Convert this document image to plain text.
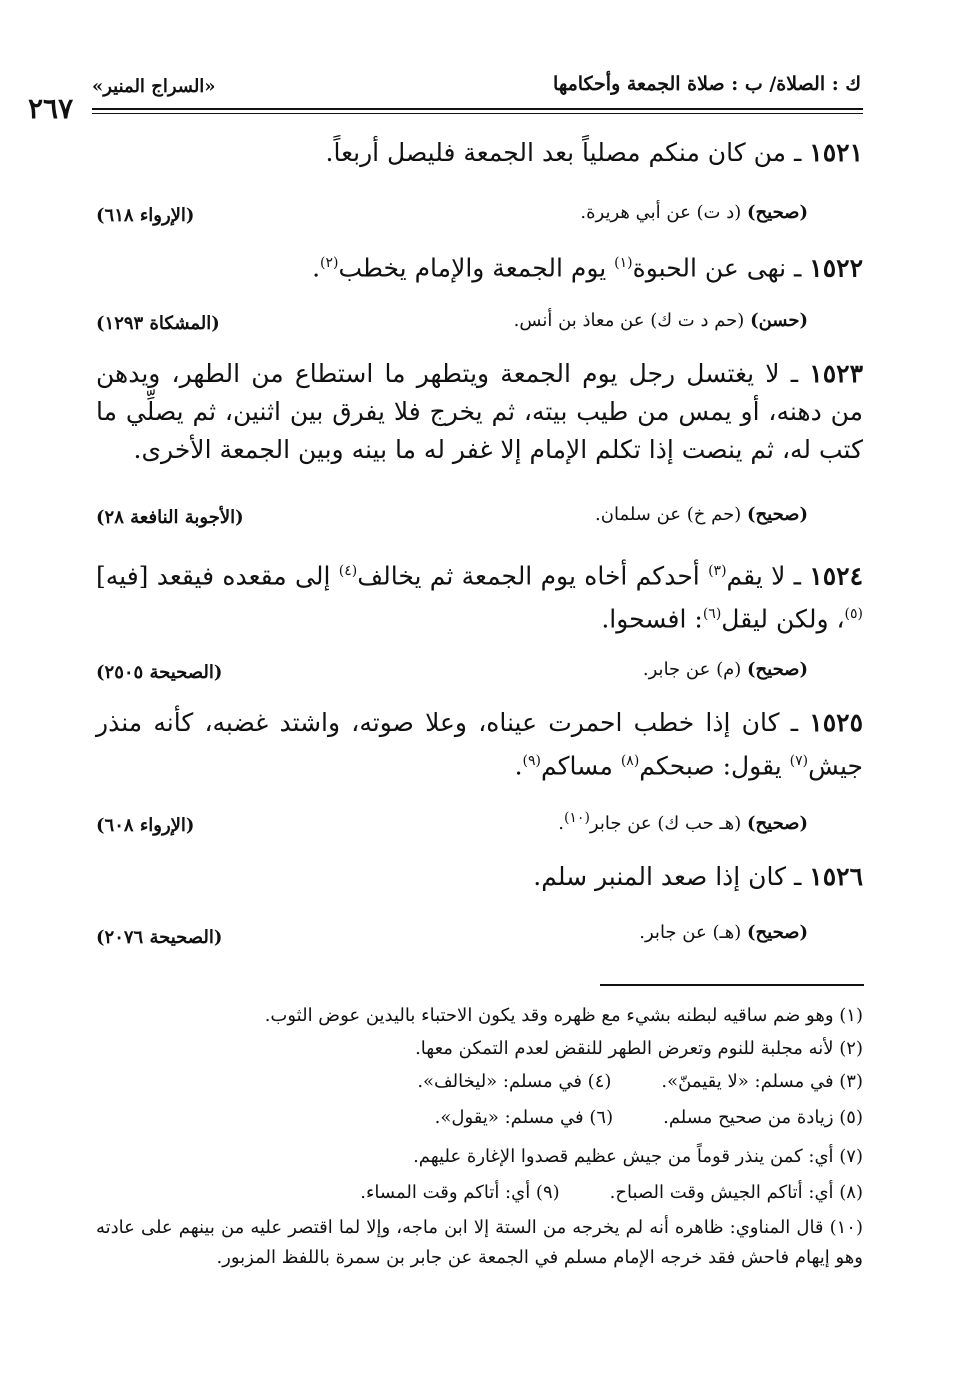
ك : الصلاة/ ب : صلاة الجمعة وأحكامها
«السراج المنير»
٢٦٧
١٥٢١ ـ من كان منكم مصلياً بعد الجمعة فليصل أربعاً.
(صحيح) (د ت) عن أبي هريرة.
(الإرواء ٦١٨)
١٥٢٢ ـ نهى عن الحبوة$^{(١)}$ يوم الجمعة والإمام يخطب$^{(٢)}$.
(حسن) (حم د ت ك) عن معاذ بن أنس.
(المشكاة ١٢٩٣)
١٥٢٣ ـ لا يغتسل رجل يوم الجمعة ويتطهر ما استطاع من الطهر، ويدهن من دهنه، أو يمس من طيب بيته، ثم يخرج فلا يفرق بين اثنين، ثم يصلِّي ما كتب له، ثم ينصت إذا تكلم الإمام إلا غفر له ما بينه وبين الجمعة الأخرى.
(صحيح) (حم خ) عن سلمان.
(الأجوبة النافعة ٢٨)
١٥٢٤ ـ لا يقم$^{(٣)}$ أحدكم أخاه يوم الجمعة ثم يخالف$^{(٤)}$ إلى مقعده فيقعد [فيه]$^{(٥)}$، ولكن ليقل$^{(٦)}$: افسحوا.
(صحيح) (م) عن جابر.
(الصحيحة ٢٥٠٥)
١٥٢٥ ـ كان إذا خطب احمرت عيناه، وعلا صوته، واشتد غضبه، كأنه منذر جيش$^{(٧)}$ يقول: صبحكم$^{(٨)}$ مساكم$^{(٩)}$.
(صحيح) (هـ حب ك) عن جابر$^{(١٠)}$.
(الإرواء ٦٠٨)
١٥٢٦ ـ كان إذا صعد المنبر سلم.
(صحيح) (هـ) عن جابر.
(الصحيحة ٢٠٧٦)
(١) وهو ضم ساقيه لبطنه بشيء مع ظهره وقد يكون الاحتباء باليدين عوض الثوب.
(٢) لأنه مجلبة للنوم وتعرض الطهر للنقض لعدم التمكن معها.
(٣) في مسلم: «لا يقيمنّ».(٤) في مسلم: «ليخالف».
(٥) زيادة من صحيح مسلم.(٦) في مسلم: «يقول».
(٧) أي: كمن ينذر قوماً من جيش عظيم قصدوا الإغارة عليهم.
(٨) أي: أتاكم الجيش وقت الصباح.(٩) أي: أتاكم وقت المساء.
(١٠) قال المناوي: ظاهره أنه لم يخرجه من الستة إلا ابن ماجه، وإلا لما اقتصر عليه من بينهم على عادته وهو إيهام فاحش فقد خرجه الإمام مسلم في الجمعة عن جابر بن سمرة باللفظ المزبور.
